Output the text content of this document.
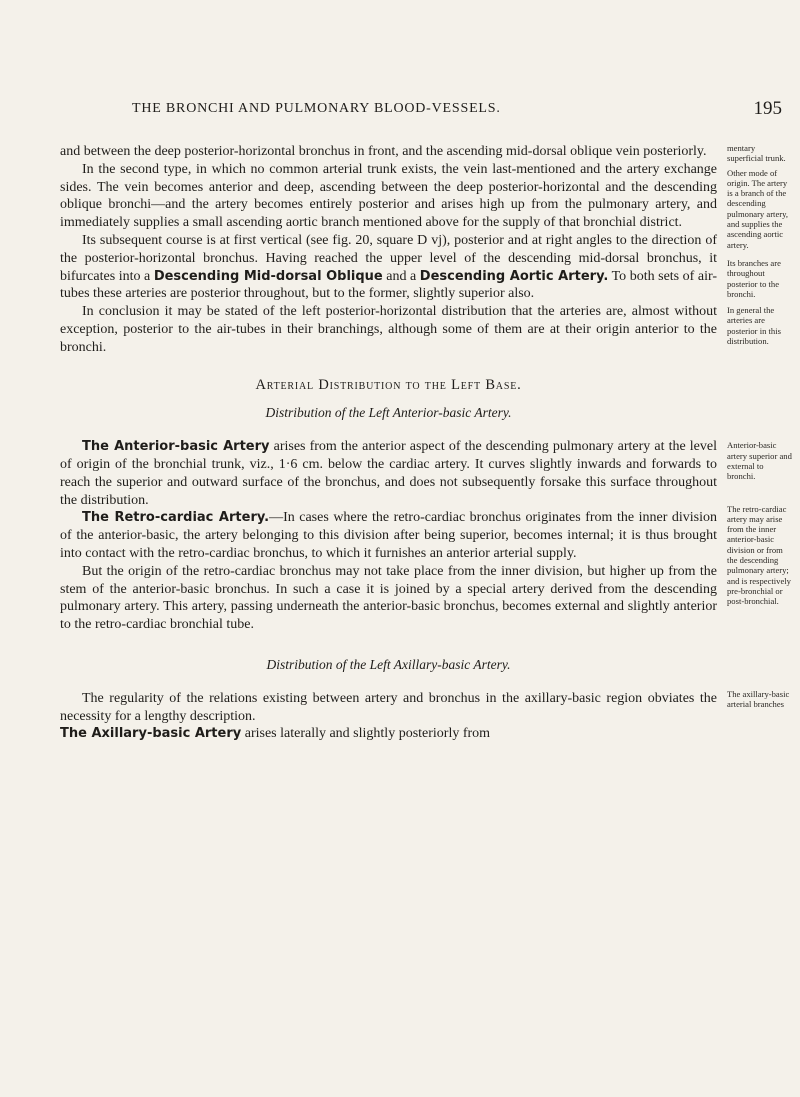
THE BRONCHI AND PULMONARY BLOOD-VESSELS.	195

and between the deep posterior-horizontal bronchus in front, and the ascending mid-dorsal oblique vein posteriorly.

In the second type, in which no common arterial trunk exists, the vein last-mentioned and the artery exchange sides. The vein becomes anterior and deep, ascending between the deep posterior-horizontal and the descending oblique bronchi—and the artery becomes entirely posterior and arises high up from the pulmonary artery, and immediately supplies a small ascending aortic branch mentioned above for the supply of that bronchial district.

Its subsequent course is at first vertical (see fig. 20, square D vj), posterior and at right angles to the direction of the posterior-horizontal bronchus. Having reached the upper level of the descending mid-dorsal bronchus, it bifurcates into a Descending Mid-dorsal Oblique and a Descending Aortic Artery. To both sets of air-tubes these arteries are posterior throughout, but to the former, slightly superior also.

In conclusion it may be stated of the left posterior-horizontal distribution that the arteries are, almost without exception, posterior to the air-tubes in their branchings, although some of them are at their origin anterior to the bronchi.

Arterial Distribution to the Left Base.
Distribution of the Left Anterior-basic Artery.

The Anterior-basic Artery arises from the anterior aspect of the descending pulmonary artery at the level of origin of the bronchial trunk, viz., 1·6 cm. below the cardiac artery. It curves slightly inwards and forwards to reach the superior and outward surface of the bronchus, and does not subsequently forsake this surface throughout the distribution.

The Retro-cardiac Artery.—In cases where the retro-cardiac bronchus originates from the inner division of the anterior-basic, the artery belonging to this division after being superior, becomes internal; it is thus brought into contact with the retro-cardiac bronchus, to which it furnishes an anterior arterial supply.

But the origin of the retro-cardiac bronchus may not take place from the inner division, but higher up from the stem of the anterior-basic bronchus. In such a case it is joined by a special artery derived from the descending pulmonary artery. This artery, passing underneath the anterior-basic bronchus, becomes external and slightly anterior to the retro-cardiac bronchial tube.

Distribution of the Left Axillary-basic Artery.

The regularity of the relations existing between artery and bronchus in the axillary-basic region obviates the necessity for a lengthy description.

The Axillary-basic Artery arises laterally and slightly posteriorly from

mentary superficial trunk.
Other mode of origin. The artery is a branch of the descending pulmonary artery, and supplies the ascending aortic artery.
Its branches are throughout posterior to the bronchi.
In general the arteries are posterior in this distribution.
Anterior-basic artery superior and external to bronchi.
The retro-cardiac artery may arise from the inner anterior-basic division or from the descending pulmonary artery; and is respectively pre-bronchial or post-bronchial.
The axillary-basic arterial branches
